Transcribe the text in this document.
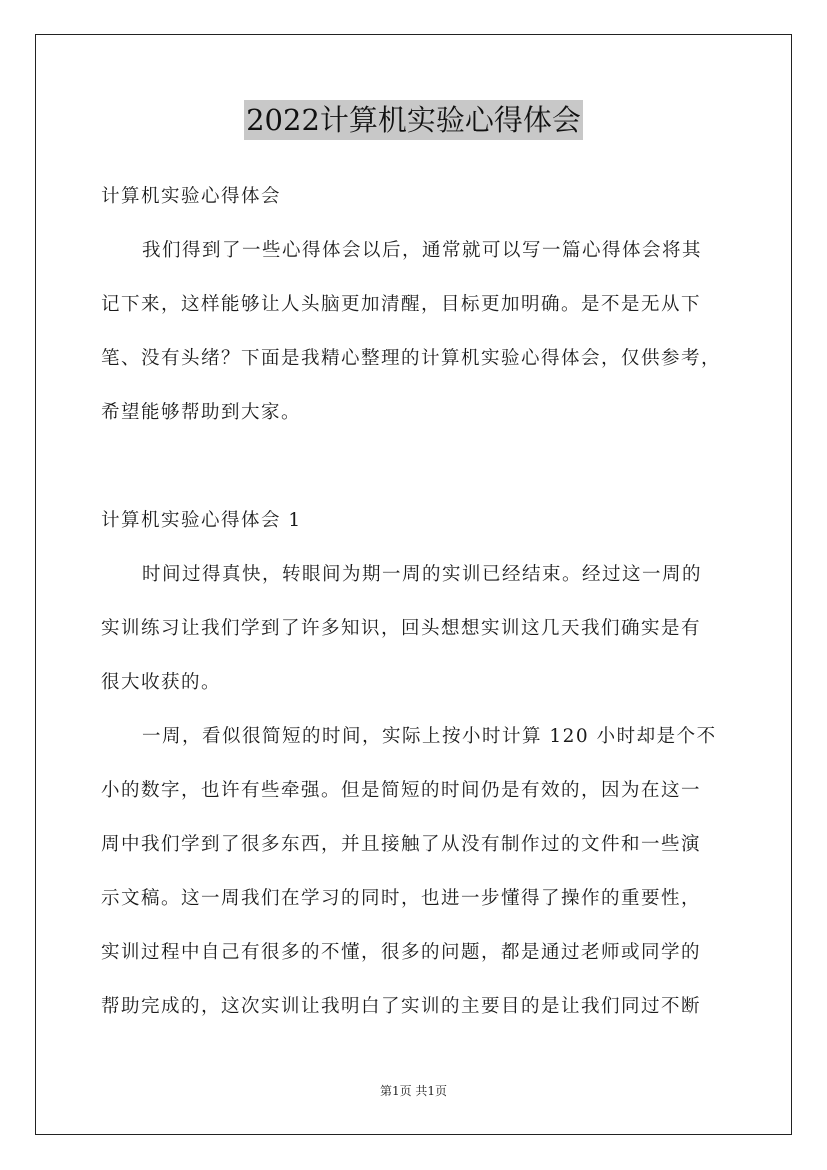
2022计算机实验心得体会
计算机实验心得体会
我们得到了一些心得体会以后，通常就可以写一篇心得体会将其
记下来，这样能够让人头脑更加清醒，目标更加明确。是不是无从下
笔、没有头绪？下面是我精心整理的计算机实验心得体会，仅供参考，
希望能够帮助到大家。
计算机实验心得体会 1
时间过得真快，转眼间为期一周的实训已经结束。经过这一周的
实训练习让我们学到了许多知识，回头想想实训这几天我们确实是有
很大收获的。
一周，看似很简短的时间，实际上按小时计算 120 小时却是个不
小的数字，也许有些牵强。但是简短的时间仍是有效的，因为在这一
周中我们学到了很多东西，并且接触了从没有制作过的文件和一些演
示文稿。这一周我们在学习的同时，也进一步懂得了操作的重要性，
实训过程中自己有很多的不懂，很多的问题，都是通过老师或同学的
帮助完成的，这次实训让我明白了实训的主要目的是让我们同过不断
第1页 共1页
